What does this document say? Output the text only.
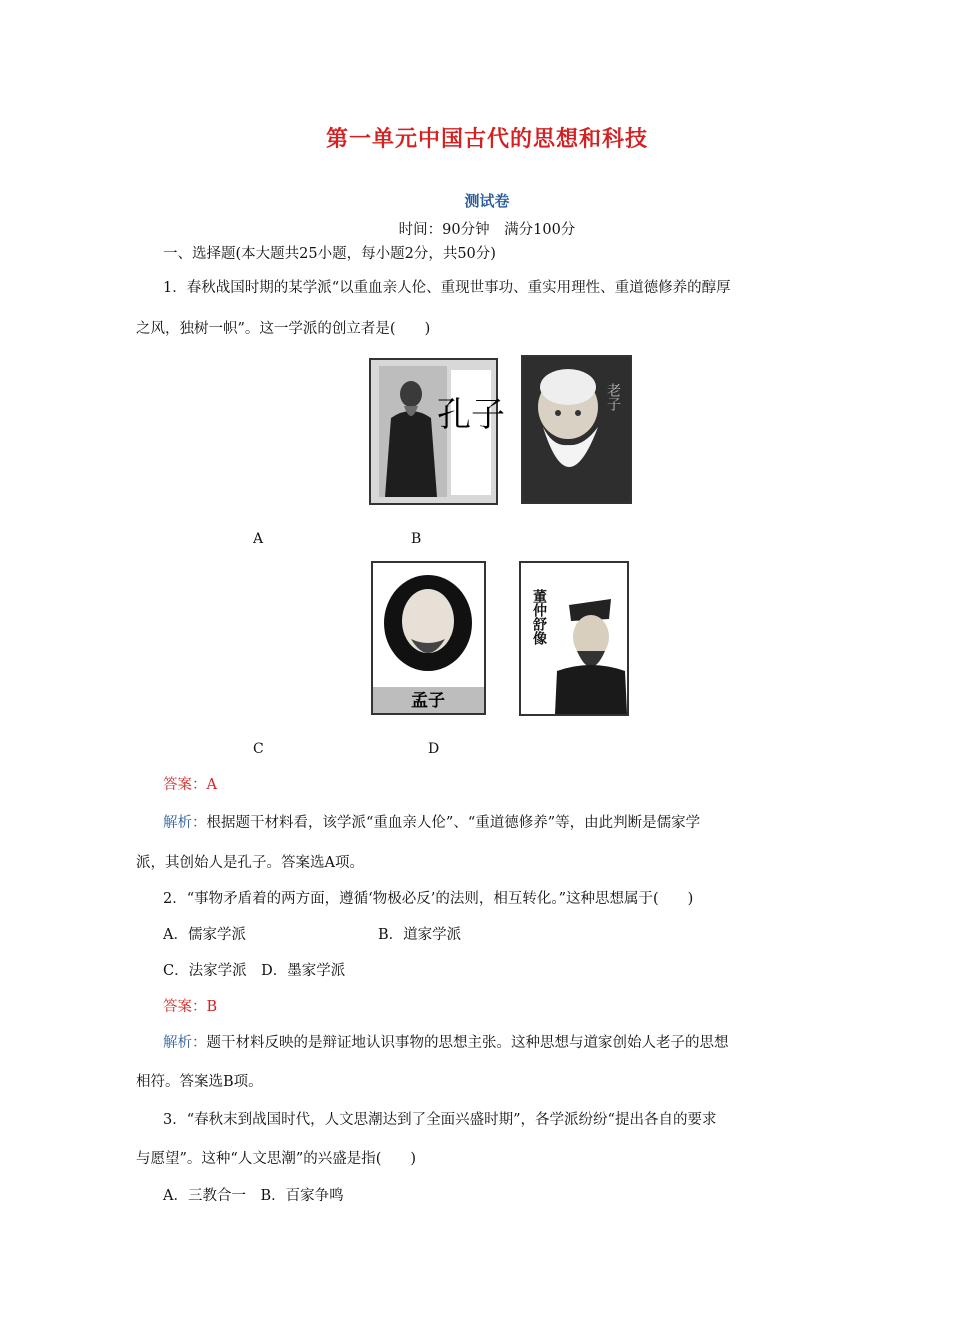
第一单元中国古代的思想和科技
测试卷
时间：90分钟　满分100分
一、选择题(本大题共25小题，每小题2分，共50分)
1．春秋战国时期的某学派“以重血亲人伦、重现世事功、重实用理性、重道德修养的醇厚
之风，独树一帜”。这一学派的创立者是(　　)
孔子	老子
A	B
孟子
董仲舒像
C	D
答案：A
解析：根据题干材料看，该学派“重血亲人伦”、“重道德修养”等，由此判断是儒家学
派，其创始人是孔子。答案选A项。
2．“事物矛盾着的两方面，遵循‘物极必反’的法则，相互转化。”这种思想属于(　　)
A．儒家学派	B．道家学派
C．法家学派　D．墨家学派
答案：B
解析：题干材料反映的是辩证地认识事物的思想主张。这种思想与道家创始人老子的思想
相符。答案选B项。
3．“春秋末到战国时代，人文思潮达到了全面兴盛时期”，各学派纷纷“提出各自的要求
与愿望”。这种“人文思潮”的兴盛是指(　　)
A．三教合一　B．百家争鸣
